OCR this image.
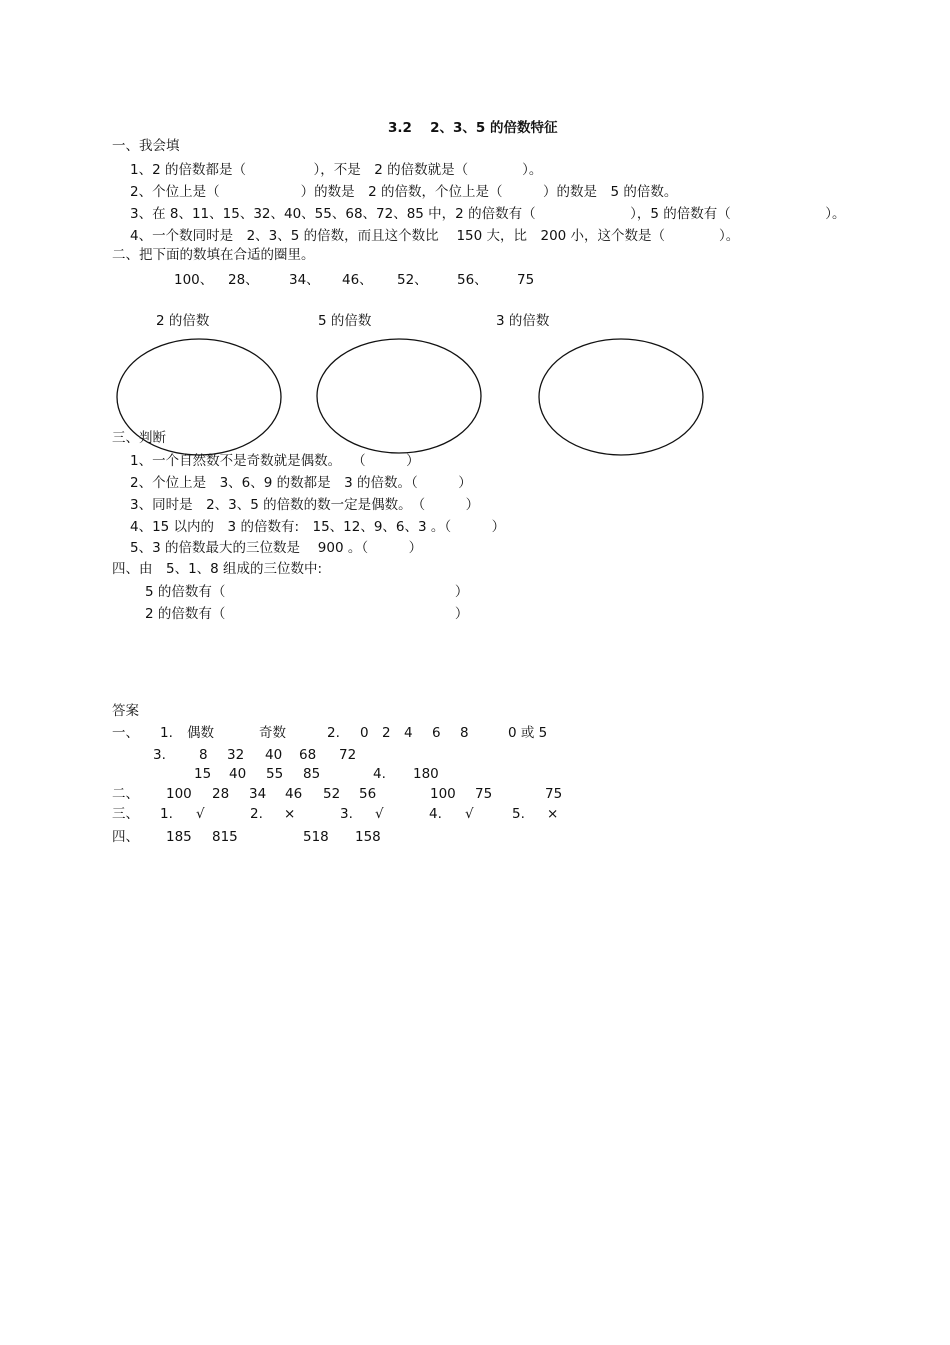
3.2　 2、3、5 的倍数特征
一、我会填
1、2 的倍数都是（　　　　　），不是　2 的倍数就是（　　　　）。
2、个位上是（　　　　　　）的数是　2 的倍数，个位上是（　　　）的数是　5 的倍数。
3、在 8、11、15、32、40、55、68、72、85 中，2 的倍数有（　　　　　　　），5 的倍数有（　　　　　　　）。
4、一个数同时是　2、3、5 的倍数，而且这个数比　 150 大，比　200 小，这个数是（　　　　）。
二、把下面的数填在合适的圈里。
100、 28、 34、 46、 52、 56、 75
2 的倍数	5 的倍数	3 的倍数
三、判断
1、一个自然数不是奇数就是偶数。　 （　　　）
2、个位上是　3、6、9 的数都是　3 的倍数。（　　　）
3、同时是　2、3、5 的倍数的数一定是偶数。　（　　　）
4、15 以内的　3 的倍数有:　15、12、9、6、3 。（　　　）
5、3 的倍数最大的三位数是　 900 。（　　　）
四、由　5、1、8 组成的三位数中:
5 的倍数有（　　　　　　　　　　　　　　　　　）
2 的倍数有（　　　　　　　　　　　　　　　　　）
答案
一、 1. 偶数	奇数	2. 0 2 4 6 8	0 或 5
3. 8 32 40 68 72
15 40 55 85	4. 180
二、 100 28 34 46 52 56	100 75	75
三、 1. √	2. ×	3. √	4. √	5. ×
四、 185 815	518 158
